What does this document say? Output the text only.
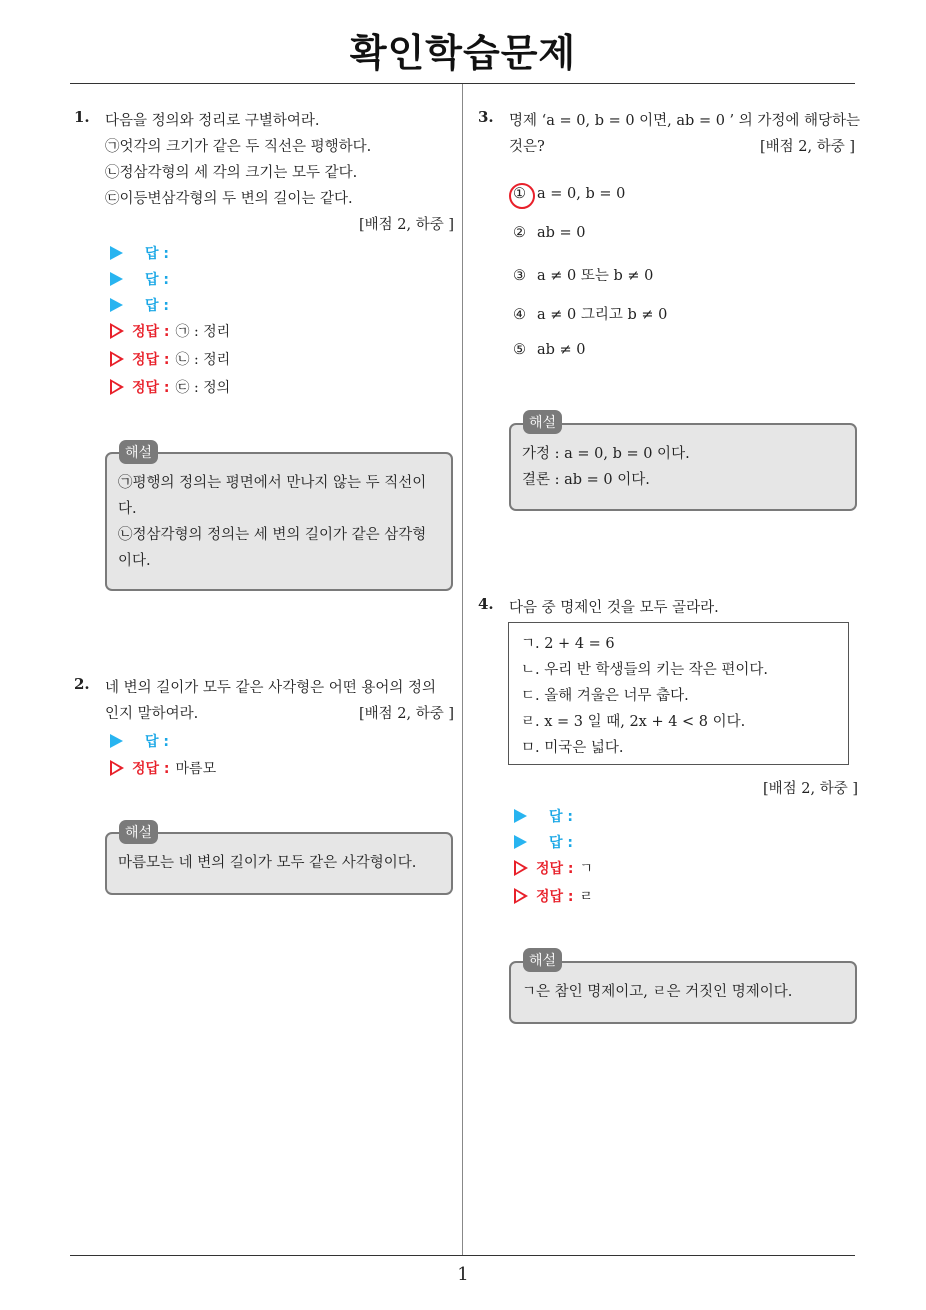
확인학습문제
1
1. 다음을 정의와 정리로 구별하여라.
㉠엇각의 크기가 같은 두 직선은 평행하다.
㉡정삼각형의 세 각의 크기는 모두 같다.
㉢이등변삼각형의 두 변의 길이는 같다.
[배점 2, 하중 ]
답 :
답 :
답 :
정답 : ㉠ : 정리
정답 : ㉡ : 정리
정답 : ㉢ : 정의
해설
㉠평행의 정의는 평면에서 만나지 않는 두 직선이
다.
㉡정삼각형의 정의는 세 변의 길이가 같은 삼각형
이다.
2. 네 변의 길이가 모두 같은 사각형은 어떤 용어의 정의
인지 말하여라.	[배점 2, 하중 ]
답 :
정답 : 마름모
해설
마름모는 네 변의 길이가 모두 같은 사각형이다.
3. 명제 ‘a = 0, b = 0 이면, ab = 0 ’ 의 가정에 해당하는
것은?	[배점 2, 하중 ]
① a = 0, b = 0
② ab = 0
③ a ≠ 0 또는 b ≠ 0
④ a ≠ 0 그리고 b ≠ 0
⑤ ab ≠ 0
해설
가정 : a = 0, b = 0 이다.
결론 : ab = 0 이다.
4. 다음 중 명제인 것을 모두 골라라.
ㄱ. 2 + 4 = 6
ㄴ. 우리 반 학생들의 키는 작은 편이다.
ㄷ. 올해 겨울은 너무 춥다.
ㄹ. x = 3 일 때, 2x + 4 < 8 이다.
ㅁ. 미국은 넓다.
[배점 2, 하중 ]
답 :
답 :
정답 : ㄱ
정답 : ㄹ
해설
ㄱ은 참인 명제이고, ㄹ은 거짓인 명제이다.
